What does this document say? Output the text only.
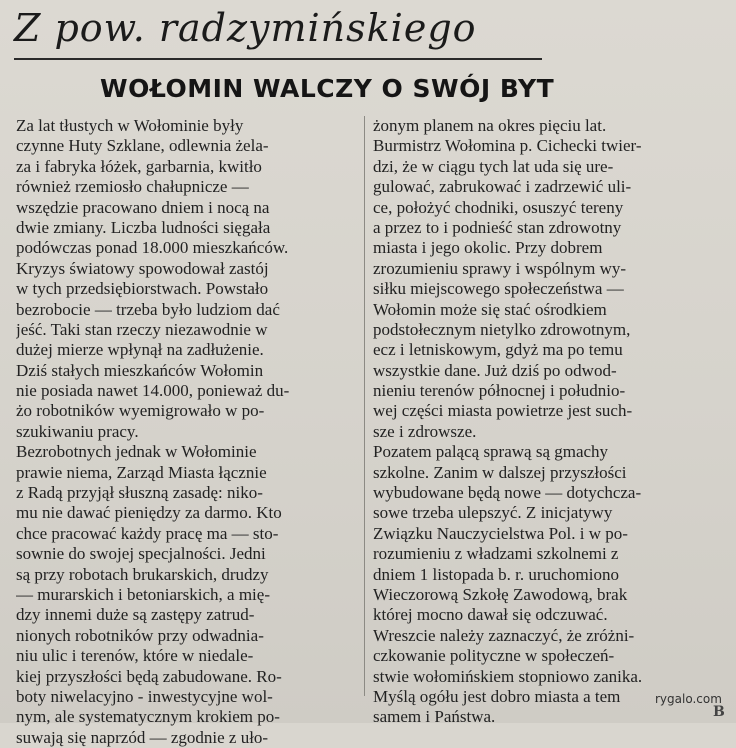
Z pow. radzymińskiego
WOŁOMIN WALCZY O SWÓJ BYT
Za lat tłustych w Wołominie były
czynne Huty Szklane, odlewnia żela-
za i fabryka łóżek, garbarnia, kwitło
również rzemiosło chałupnicze —
wszędzie pracowano dniem i nocą na
dwie zmiany. Liczba ludności sięgała
podówczas ponad 18.000 mieszkańców.
Kryzys światowy spowodował zastój
w tych przedsiębiorstwach. Powstało
bezrobocie — trzeba było ludziom dać
jeść. Taki stan rzeczy niezawodnie w
dużej mierze wpłynął na zadłużenie.
Dziś stałych mieszkańców Wołomin
nie posiada nawet 14.000, ponieważ du-
żo robotników wyemigrowało w po-
szukiwaniu pracy.
Bezrobotnych jednak w Wołominie
prawie niema, Zarząd Miasta łącznie
z Radą przyjął słuszną zasadę: niko-
mu nie dawać pieniędzy za darmo. Kto
chce pracować każdy pracę ma — sto-
sownie do swojej specjalności. Jedni
są przy robotach brukarskich, drudzy
— murarskich i betoniarskich, a mię-
dzy innemi duże są zastępy zatrud-
nionych robotników przy odwadnia-
niu ulic i terenów, które w niedale-
kiej przyszłości będą zabudowane. Ro-
boty niwelacyjno - inwestycyjne wol-
nym, ale systematycznym krokiem po-
suwają się naprzód — zgodnie z uło-
żonym planem na okres pięciu lat.
Burmistrz Wołomina p. Cichecki twier-
dzi, że w ciągu tych lat uda się ure-
gulować, zabrukować i zadrzewić uli-
ce, położyć chodniki, osuszyć tereny
a przez to i podnieść stan zdrowotny
miasta i jego okolic. Przy dobrem
zrozumieniu sprawy i wspólnym wy-
siłku miejscowego społeczeństwa —
Wołomin może się stać ośrodkiem
podstołecznym nietylko zdrowotnym,
ecz i letniskowym, gdyż ma po temu
wszystkie dane. Już dziś po odwod-
nieniu terenów północnej i południo-
wej części miasta powietrze jest such-
sze i zdrowsze.
Pozatem palącą sprawą są gmachy
szkolne. Zanim w dalszej przyszłości
wybudowane będą nowe — dotychcza-
sowe trzeba ulepszyć. Z inicjatywy
Związku Nauczycielstwa Pol. i w po-
rozumieniu z władzami szkolnemi z
dniem 1 listopada b. r. uruchomiono
Wieczorową Szkołę Zawodową, brak
której mocno dawał się odczuwać.
Wreszcie należy zaznaczyć, że zróżni-
czkowanie polityczne w społeczeń-
stwie wołomińskiem stopniowo zanika.
Myślą ogółu jest dobro miasta a tem
samem i Państwa.
rygalo.com
B
